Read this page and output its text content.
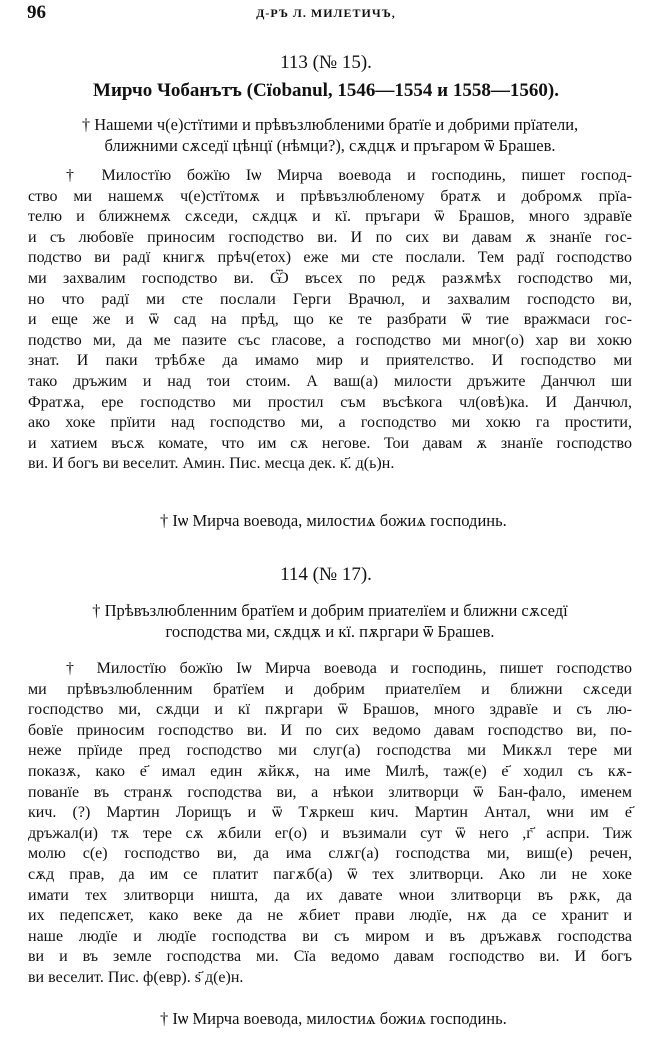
96	Д-РЪ Л. МИЛЕТИЧЪ,
113 (№ 15).
Мирчо Чобанътъ (Cïobanul, 1546—1554 и 1558—1560).
† Нашеми ч(е)стїтими и прѣвъзлюбленими братїе и добрими прїатели,
ближними сѫседї цѣнцї (нѣмци?), сѫдцѫ и пръгаром ѿ Брашев.
† Милостїю божїю Iѡ Мирча воевода и господинь, пишет господ-
ство ми нашемѫ ч(е)стїтомѫ и прѣвъзлюбленому братѫ и добромѫ прїа-
телю и ближнемѫ сѫседи, сѫдцѫ и кї. пръгари ѿ Брашов, много здравїе
и съ любовїе приносим господство ви. И по сих ви давам ѫ знанїе гос-
подство ви радї книгѫ прѣч(етох) еже ми сте послали. Тем радї господство
ми захвалим господство ви. Ѿ въсех по редѫ разѫмѣх господство ми,
но что радї ми сте послали Герги Врачюл, и захвалим господсто ви,
и еще же и ѿ сад на прѣд, що ке те разбрати ѿ тие вражмаси гос-
подство ми, да ме пазите със гласове, а господство ми мног(о) хар ви хокю
знат. И паки трѣбѫе да имамо мир и приятелство. И господство ми
тако дръжим и над тои стоим. А ваш(а) милости дръжите Данчюл ши
Фратѫа, ере господство ми простил съм въсѣкога чл(овѣ)ка. И Данчюл,
ако хоке прїити над господство ми, а господство ми хокю га простити,
и хатием въсѫ комате, что им сѫ негове. Тои давам ѫ знанїе господство
ви. И богъ ви веселит. Амин. Пис. месца дек. к҃. д(ь)н.
† Iѡ Мирча воевода, милостиѧ божиѧ господинь.
114 (№ 17).
† Прѣвъзлюбленним братїем и добрим приателїем и ближни сѫседї
господства ми, сѫдцѫ и кї. пѫргари ѿ Брашев.
† Милостїю божїю Iѡ Мирча воевода и господинь, пишет господство
ми прѣвъзлюбленним братїем и добрим приателїем и ближни сѫседи
господство ми, сѫдци и кї пѫргари ѿ Брашов, много здравїе и съ лю-
бовїе приносим господство ви. И по сих ведомо давам господство ви, по-
неже прїиде пред господство ми слуг(а) господства ми Микѫл тере ми
показѫ, како е҃ имал един ѫйкѫ, на име Милѣ, таж(е) е҃ ходил съ кѫ-
пованїе въ странѫ господства ви, а нѣкои злитворци ѿ Бан-фало, именем
кич. (?) Мартин Лорищъ и ѿ Тѫркеш кич. Мартин Антал, ѡни им е҃
дръжал(и) тѫ тере сѫ ѫбили ег(о) и възимали сут ѿ него ,г҃ аспри. Тиж
молю с(е) господство ви, да има слѫг(а) господства ми, виш(е) речен,
сѫд прав, да им се платит пагѫб(а) ѿ тех злитворци. Ако ли не хоке
имати тех злитворци ништа, да их давате ѡнои злитворци въ рѫк, да
их педепсѫет, како веке да не ѫбиет прави людїе, нѫ да се хранит и
наше людїе и людїе господства ви съ миром и въ дръжавѫ господства
ви и въ земле господства ми. Сїа ведомо давам господство ви. И богъ
ви веселит. Пис. ф(евр). ѕ҃ д(е)н.
† Iѡ Мирча воевода, милостиѧ божиѧ господинь.
